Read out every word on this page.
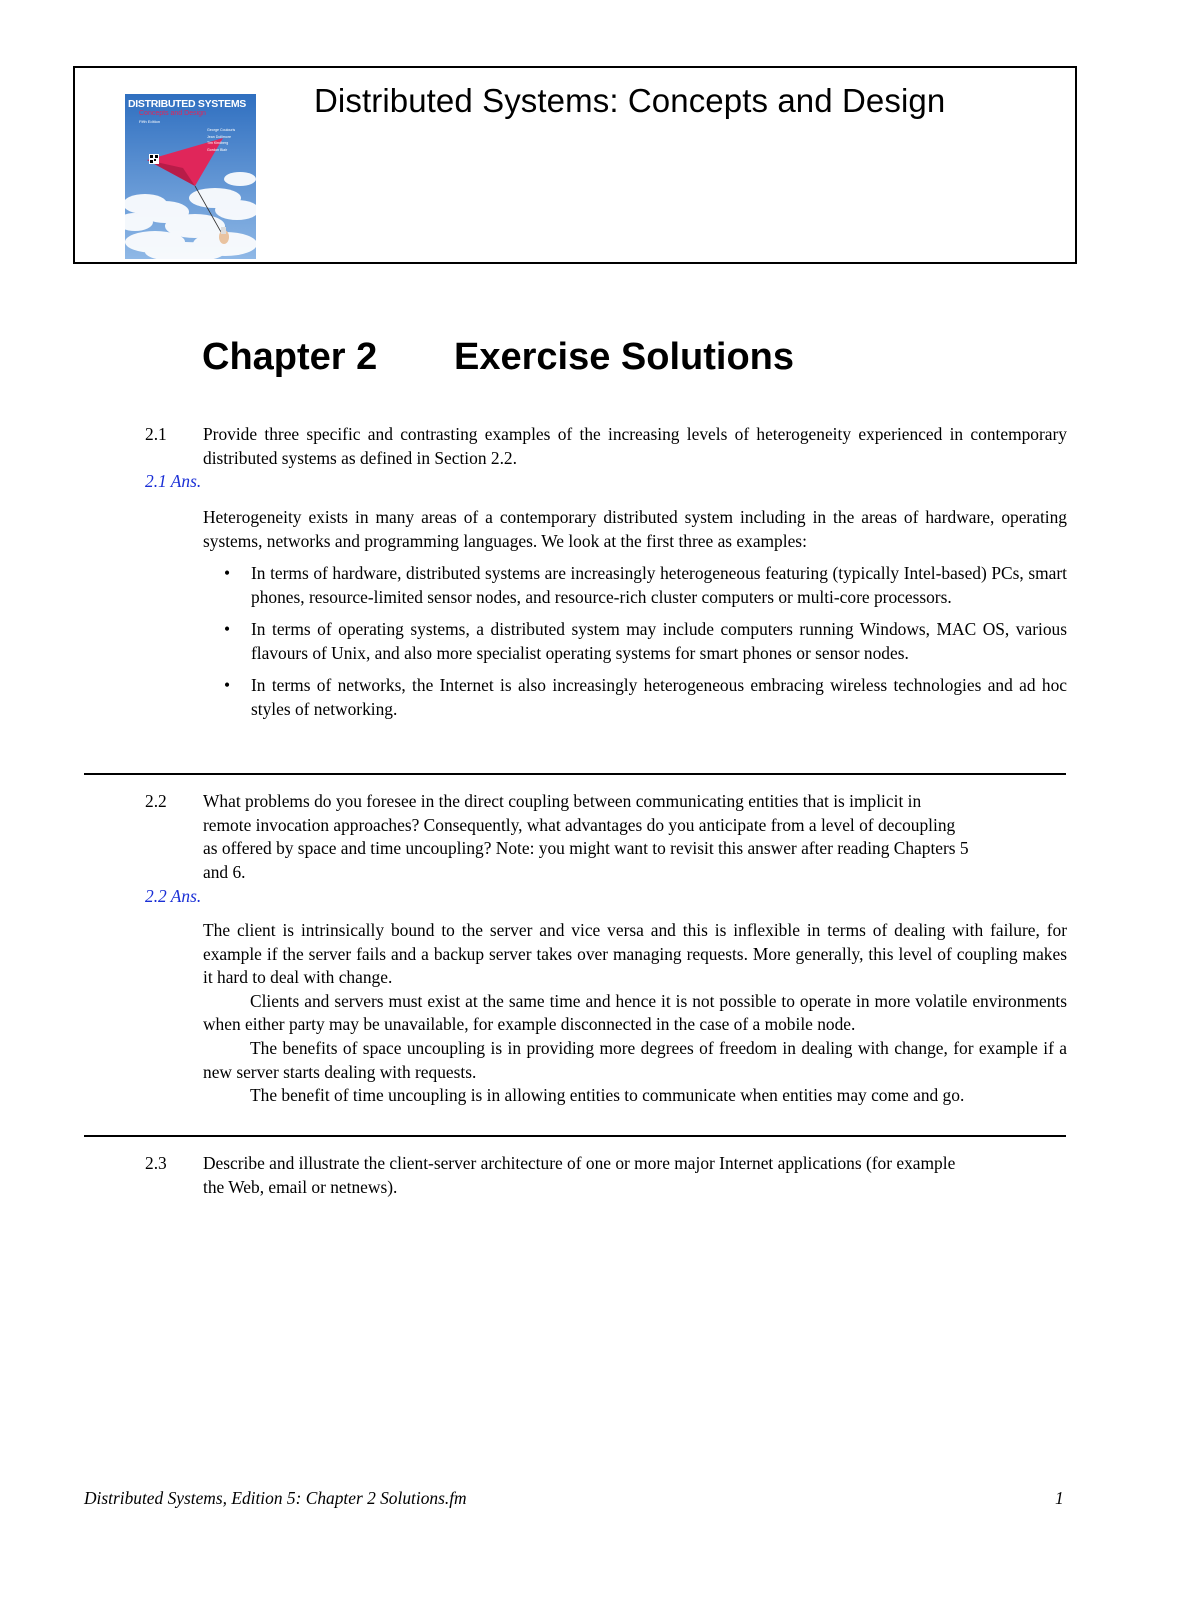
DISTRIBUTED SYSTEMS
Concepts and Design
Fifth Edition
George Coulouris
Jean Dollimore
Tim Kindberg
Gordon Blair
Distributed Systems: Concepts and Design
Chapter 2 Exercise Solutions
2.1 Provide three specific and contrasting examples of the increasing levels of heterogeneity experienced in contemporary distributed systems as defined in Section 2.2.
2.1 Ans.
Heterogeneity exists in many areas of a contemporary distributed system including in the areas of hardware, operating systems, networks and programming languages. We look at the first three as examples:
• In terms of hardware, distributed systems are increasingly heterogeneous featuring (typically Intel-based) PCs, smart phones, resource-limited sensor nodes, and resource-rich cluster computers or multi-core processors.
• In terms of operating systems, a distributed system may include computers running Windows, MAC OS, various flavours of Unix, and also more specialist operating systems for smart phones or sensor nodes.
• In terms of networks, the Internet is also increasingly heterogeneous embracing wireless technologies and ad hoc styles of networking.
2.2 What problems do you foresee in the direct coupling between communicating entities that is implicit in remote invocation approaches? Consequently, what advantages do you anticipate from a level of decoupling as offered by space and time uncoupling? Note: you might want to revisit this answer after reading Chapters 5 and 6.
2.2 Ans.
The client is intrinsically bound to the server and vice versa and this is inflexible in terms of dealing with failure, for example if the server fails and a backup server takes over managing requests. More generally, this level of coupling makes it hard to deal with change.
Clients and servers must exist at the same time and hence it is not possible to operate in more volatile environments when either party may be unavailable, for example disconnected in the case of a mobile node.
The benefits of space uncoupling is in providing more degrees of freedom in dealing with change, for example if a new server starts dealing with requests.
The benefit of time uncoupling is in allowing entities to communicate when entities may come and go.
2.3 Describe and illustrate the client-server architecture of one or more major Internet applications (for example the Web, email or netnews).
Distributed Systems, Edition 5: Chapter 2 Solutions.fm	1
